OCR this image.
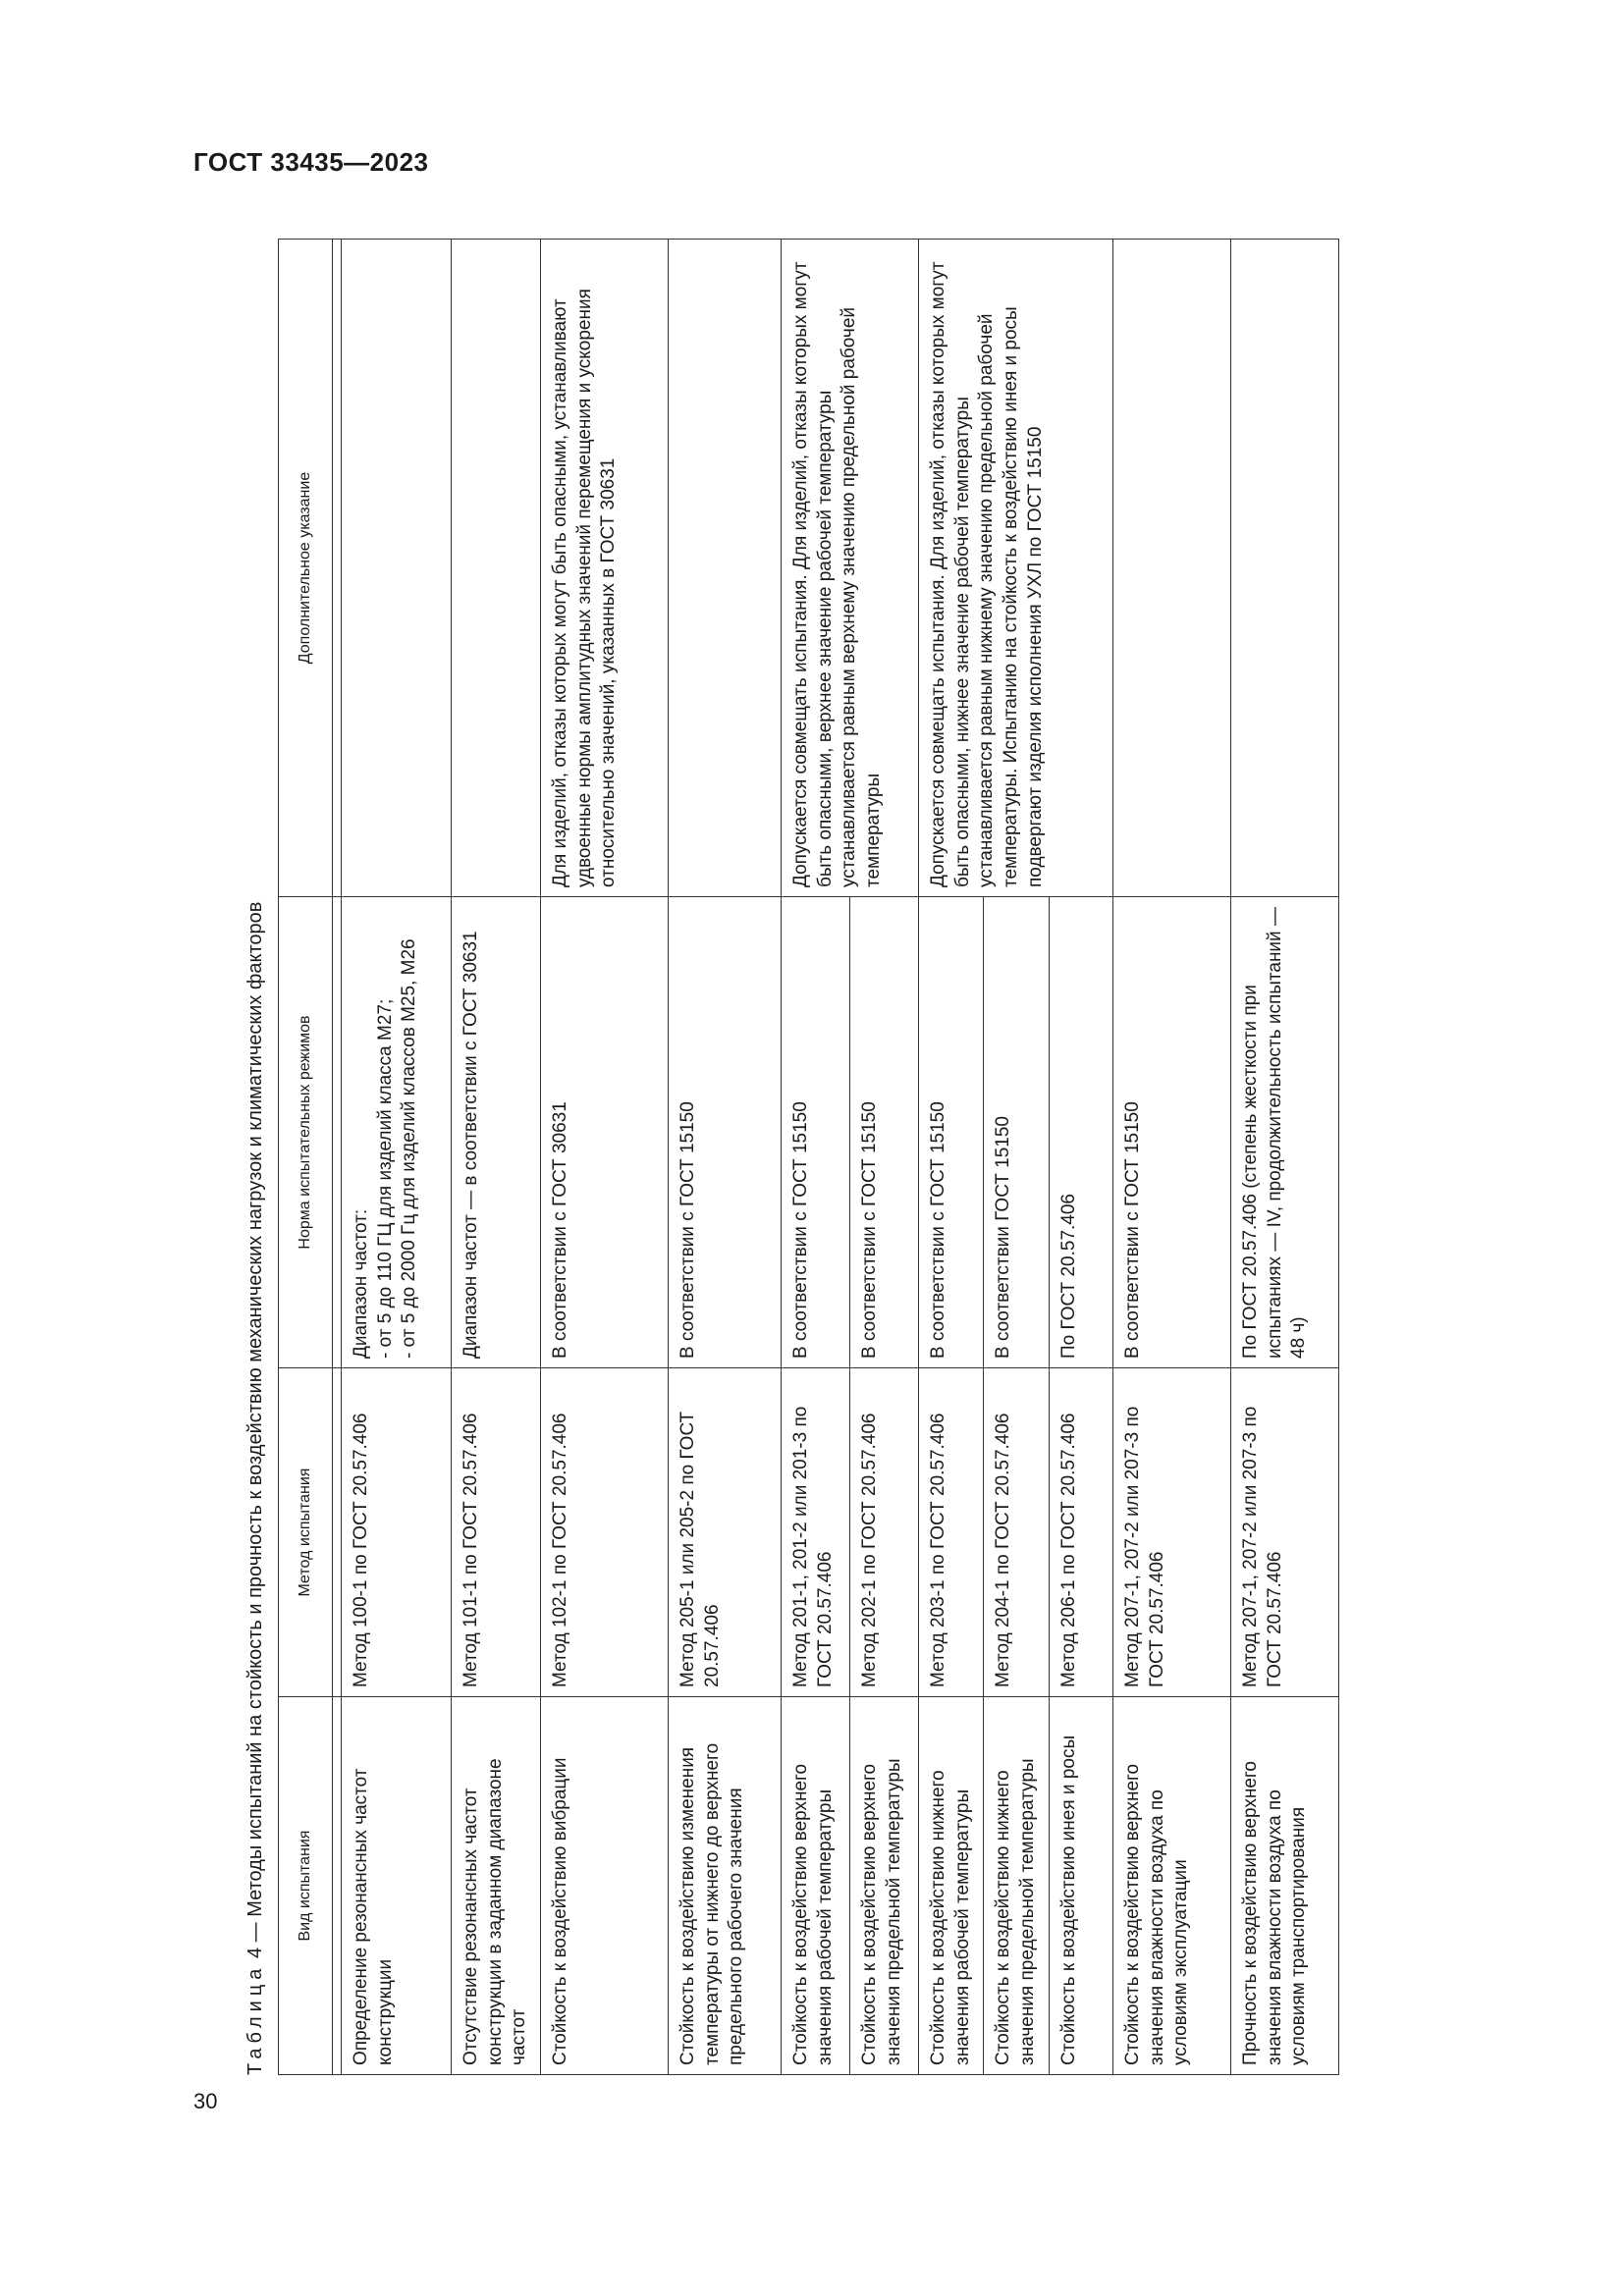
ГОСТ 33435—2023
Таблица 4 — Методы испытаний на стойкость и прочность к воздействию механических нагрузок и климатических факторов	Вид испытания	Метод испытания	Норма испытательных режимов	Дополнительное указание

Определение резонансных частот конструкции	Метод 100-1 по ГОСТ 20.57.406	Диапазон частот: - от 5 до 110 ГЦ для изделий класса М27; - от 5 до 2000 Гц для изделий классов М25, М26	

Отсутствие резонансных частот конструкции в заданном диапазоне частот	Метод 101-1 по ГОСТ 20.57.406	Диапазон частот — в соответствии с ГОСТ 30631	
Стойкость к воздействию вибрации	Метод 102-1 по ГОСТ 20.57.406	В соответствии с ГОСТ 30631	Для изделий, отказы которых могут быть опасными, устанавливают удвоенные нормы амплитудных значений перемещения и ускорения относительно значений, указанных в ГОСТ 30631
Стойкость к воздействию изменения температуры от нижнего до верхнего предельного рабочего значения	Метод 205-1 или 205-2 по ГОСТ 20.57.406	В соответствии с ГОСТ 15150	
Стойкость к воздействию верхнего значения рабочей температуры	Метод 201-1, 201-2 или 201-3 по ГОСТ 20.57.406	В соответствии с ГОСТ 15150	Допускается совмещать испытания. Для изделий, отказы которых могут быть опасными, верхнее значение рабочей температуры устанавливается равным верхнему значению предельной рабочей температуры
Стойкость к воздействию верхнего значения предельной температуры	Метод 202-1 по ГОСТ 20.57.406	В соответствии с ГОСТ 15150	
Стойкость к воздействию нижнего значения рабочей температуры	Метод 203-1 по ГОСТ 20.57.406	В соответствии с ГОСТ 15150	Допускается совмещать испытания. Для изделий, отказы которых могут быть опасными, нижнее значение рабочей температуры устанавливается равным нижнему значению предельной рабочей температуры. Испытанию на стойкость к воздействию инея и росы подвергают изделия исполнения УХЛ по ГОСТ 15150
Стойкость к воздействию нижнего значения предельной температуры	Метод 204-1 по ГОСТ 20.57.406	В соответствии ГОСТ 15150	
Стойкость к воздействию инея и росы	Метод 206-1 по ГОСТ 20.57.406	По ГОСТ 20.57.406	
Стойкость к воздействию верхнего значения влажности воздуха по условиям эксплуатации	Метод 207-1, 207-2 или 207-3 по ГОСТ 20.57.406	В соответствии с ГОСТ 15150	
Прочность к воздействию верхнего значения влажности воздуха по условиям транспортирования	Метод 207-1, 207-2 или 207-3 по ГОСТ 20.57.406	По ГОСТ 20.57.406 (степень жесткости при испытаниях — IV, продолжительность испытаний — 48 ч)	
30
